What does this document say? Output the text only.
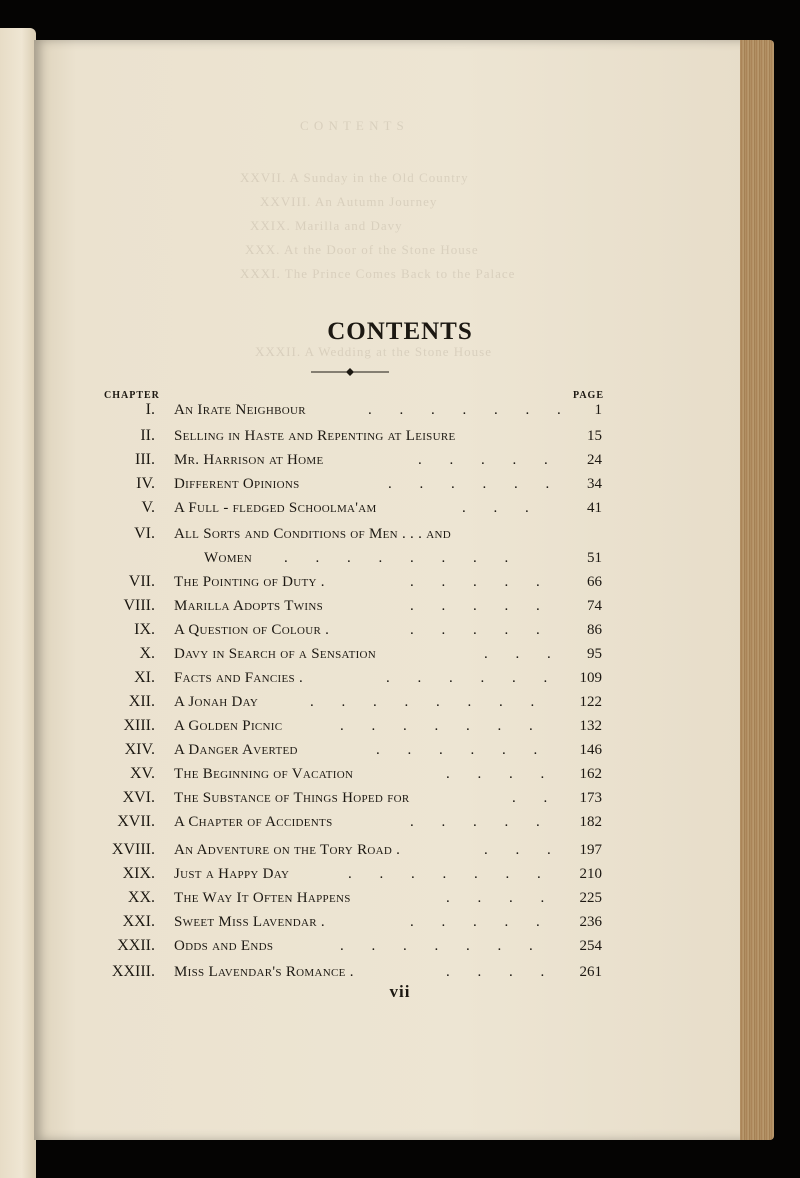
C O N T E N T S
XXVII. A Sunday in the Old Country
XXVIII. An Autumn Journey
XXIX. Marilla and Davy
XXX. At the Door of the Stone House
XXXI. The Prince Comes Back to the Palace
XXXII. A Wedding at the Stone House
CONTENTS
CHAPTER	PAGE
I. An Irate Neighbour	. . . . . . . 1
II. Selling in Haste and Repenting at Leisure	15
III. Mr. Harrison at Home	. . . . . 24
IV. Different Opinions	. . . . . . 34
V. A Full - fledged Schoolma'am	. . .	41
VI. All Sorts and Conditions of Men . . . and
Women . . . . . . . .	51
VII. The Pointing of Duty .	. . . . . 66
VIII. Marilla Adopts Twins	. . . . . 74
IX. A Question of Colour .	. . . . . 86
X. Davy in Search of a Sensation	. . . 95
XI. Facts and Fancies .	. . . . . . 109
XII. A Jonah Day	. . . . . . . . 122
XIII. A Golden Picnic	. . . . . . . 132
XIV. A Danger Averted	. . . . . . 146
XV. The Beginning of Vacation	. . . . 162
XVI. The Substance of Things Hoped for	. . 173
XVII. A Chapter of Accidents	. . . . . 182
XVIII. An Adventure on the Tory Road .	. . . 197
XIX. Just a Happy Day	. . . . . . . 210
XX. The Way It Often Happens	. . . . 225
XXI. Sweet Miss Lavendar .	. . . . . 236
XXII. Odds and Ends	. . . . . . . 254
XXIII. Miss Lavendar's Romance .	. . . . 261
vii
